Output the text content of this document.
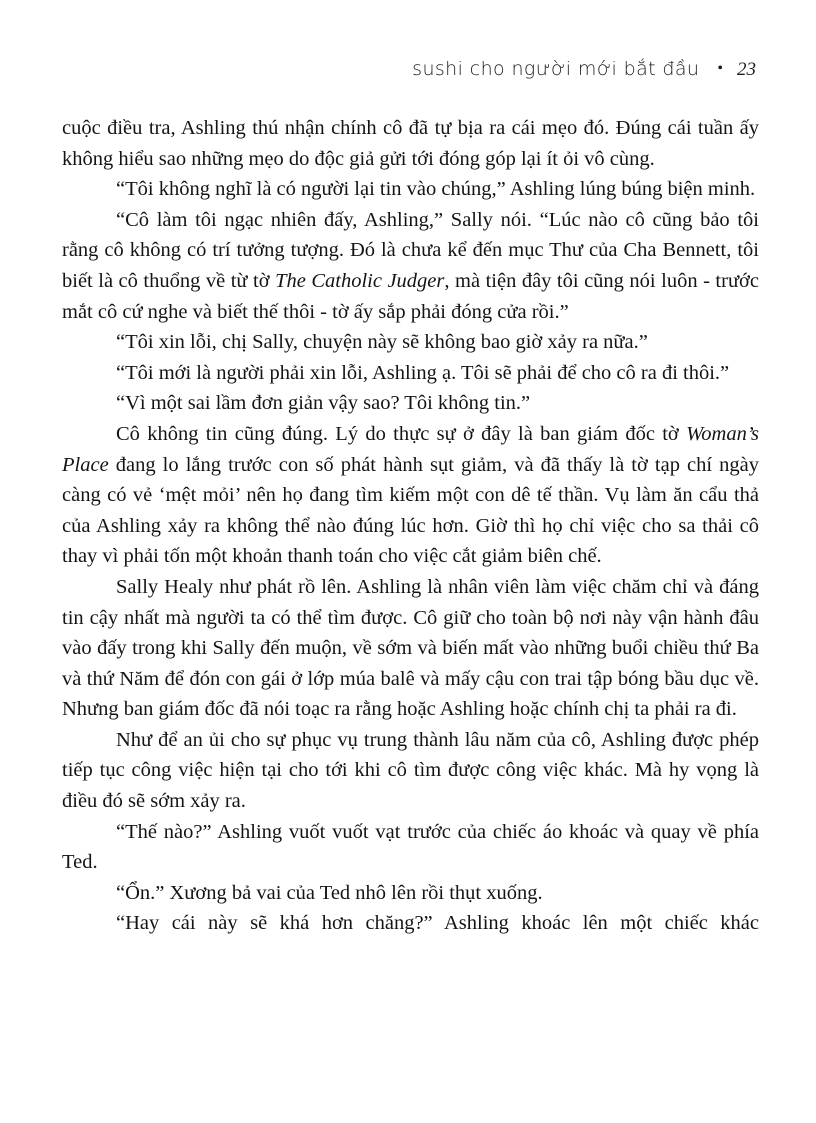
sushi cho người mới bắt đầu • 23

cuộc điều tra, Ashling thú nhận chính cô đã tự bịa ra cái mẹo đó. Đúng cái tuần ấy không hiểu sao những mẹo do độc giả gửi tới đóng góp lại ít ỏi vô cùng.

“Tôi không nghĩ là có người lại tin vào chúng,” Ashling lúng búng biện minh.

“Cô làm tôi ngạc nhiên đấy, Ashling,” Sally nói. “Lúc nào cô cũng bảo tôi rằng cô không có trí tưởng tượng. Đó là chưa kể đến mục Thư của Cha Bennett, tôi biết là cô thuổng về từ tờ The Catholic Judger, mà tiện đây tôi cũng nói luôn - trước mắt cô cứ nghe và biết thế thôi - tờ ấy sắp phải đóng cửa rồi.”

“Tôi xin lỗi, chị Sally, chuyện này sẽ không bao giờ xảy ra nữa.”

“Tôi mới là người phải xin lỗi, Ashling ạ. Tôi sẽ phải để cho cô ra đi thôi.”

“Vì một sai lầm đơn giản vậy sao? Tôi không tin.”

Cô không tin cũng đúng. Lý do thực sự ở đây là ban giám đốc tờ Woman’s Place đang lo lắng trước con số phát hành sụt giảm, và đã thấy là tờ tạp chí ngày càng có vẻ ‘mệt mỏi’ nên họ đang tìm kiếm một con dê tế thần. Vụ làm ăn cẩu thả của Ashling xảy ra không thể nào đúng lúc hơn. Giờ thì họ chỉ việc cho sa thải cô thay vì phải tốn một khoản thanh toán cho việc cắt giảm biên chế.

Sally Healy như phát rồ lên. Ashling là nhân viên làm việc chăm chỉ và đáng tin cậy nhất mà người ta có thể tìm được. Cô giữ cho toàn bộ nơi này vận hành đâu vào đấy trong khi Sally đến muộn, về sớm và biến mất vào những buổi chiều thứ Ba và thứ Năm để đón con gái ở lớp múa balê và mấy cậu con trai tập bóng bầu dục về. Nhưng ban giám đốc đã nói toạc ra rằng hoặc Ashling hoặc chính chị ta phải ra đi.

Như để an ủi cho sự phục vụ trung thành lâu năm của cô, Ashling được phép tiếp tục công việc hiện tại cho tới khi cô tìm được công việc khác. Mà hy vọng là điều đó sẽ sớm xảy ra.

“Thế nào?” Ashling vuốt vuốt vạt trước của chiếc áo khoác và quay về phía Ted.

“Ổn.” Xương bả vai của Ted nhô lên rồi thụt xuống.

“Hay cái này sẽ khá hơn chăng?” Ashling khoác lên một chiếc khác
